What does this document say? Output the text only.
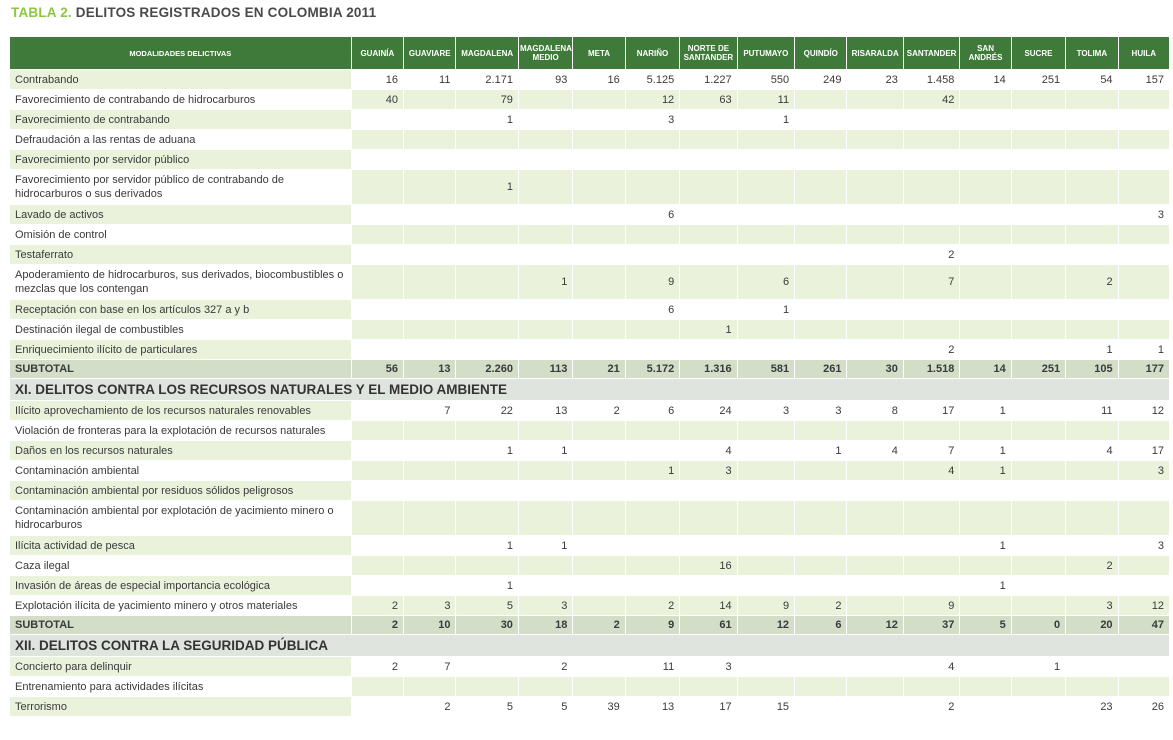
TABLA 2. DELITOS REGISTRADOS EN COLOMBIA 2011
MODALIDADES DELICTIVAS	GUAINÍA	GUAVIARE	MAGDALENA	MAGDALENA MEDIO	META	NARIÑO	NORTE DE SANTANDER	PUTUMAYO	QUINDÍO	RISARALDA	SANTANDER	SAN ANDRÉS	SUCRE	TOLIMA	HUILA
Contrabando	16	11	2.171	93	16	5.125	1.227	550	249	23	1.458	14	251	54	157
Favorecimiento de contrabando de hidrocarburos	40		79			12	63	11			42				
Favorecimiento de contrabando			1			3		1							
Defraudación a las rentas de aduana															
Favorecimiento por servidor público															
Favorecimiento por servidor público de contrabando de hidrocarburos o sus derivados			1												
Lavado de activos						6									3
Omisión de control															
Testaferrato											2				
Apoderamiento de hidrocarburos, sus derivados, biocombustibles o mezclas que los contengan				1		9		6			7			2	
Receptación con base en los artículos 327 a y b						6		1							
Destinación ilegal de combustibles							1								
Enriquecimiento ilícito de particulares											2			1	1
SUBTOTAL	56	13	2.260	113	21	5.172	1.316	581	261	30	1.518	14	251	105	177
XI. DELITOS CONTRA LOS RECURSOS NATURALES Y EL MEDIO AMBIENTE															
Ilícito aprovechamiento de los recursos naturales renovables		7	22	13	2	6	24	3	3	8	17	1		11	12
Violación de fronteras para la explotación de recursos naturales															
Daños en los recursos naturales			1	1			4		1	4	7	1		4	17
Contaminación ambiental						1	3				4	1			3
Contaminación ambiental por residuos sólidos peligrosos															
Contaminación ambiental por explotación de yacimiento minero o hidrocarburos															
Ilícita actividad de pesca			1	1								1			3
Caza ilegal							16							2	
Invasión de áreas de especial importancia ecológica			1									1			
Explotación ilícita de yacimiento minero y otros materiales	2	3	5	3		2	14	9	2		9			3	12
SUBTOTAL	2	10	30	18	2	9	61	12	6	12	37	5	0	20	47
XII. DELITOS CONTRA LA SEGURIDAD PÚBLICA															
Concierto para delinquir	2	7		2		11	3				4		1		
Entrenamiento para actividades ilícitas															
Terrorismo		2	5	5	39	13	17	15			2			23	26
